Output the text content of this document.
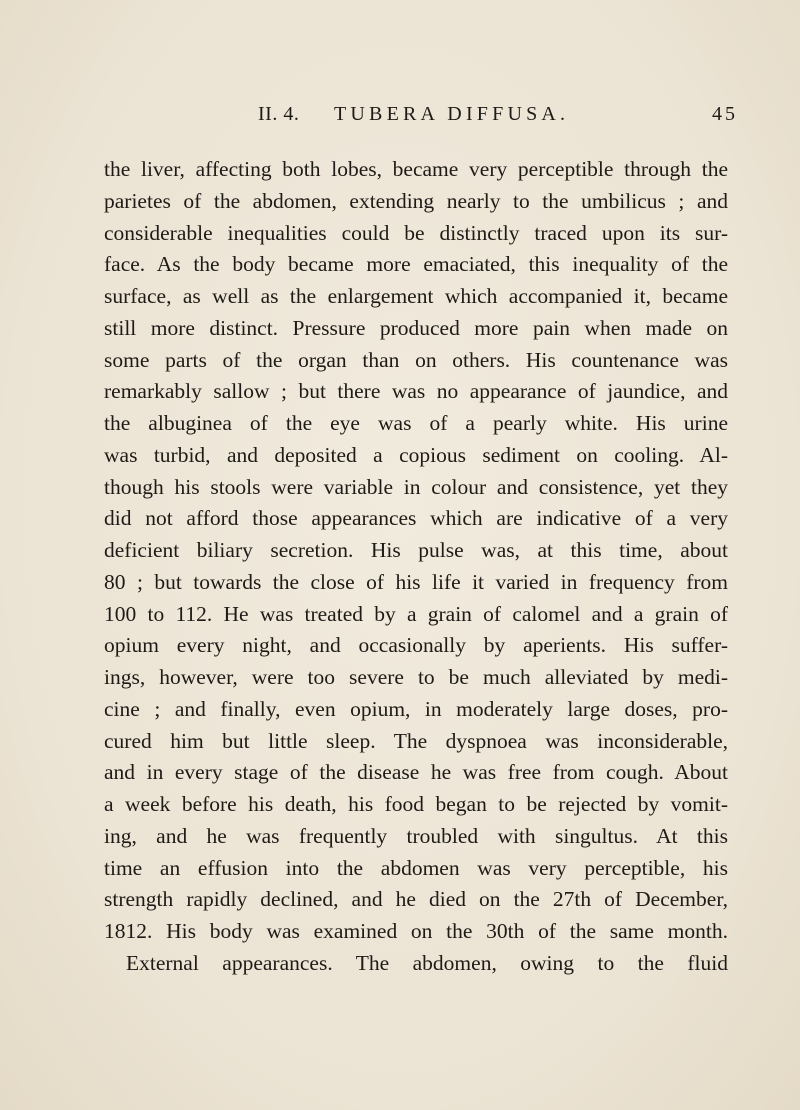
II. 4. TUBERA DIFFUSA.	45
the liver, affecting both lobes, became very perceptible through the
parietes of the abdomen, extending nearly to the umbilicus ; and
considerable inequalities could be distinctly traced upon its sur-
face. As the body became more emaciated, this inequality of the
surface, as well as the enlargement which accompanied it, became
still more distinct. Pressure produced more pain when made on
some parts of the organ than on others. His countenance was
remarkably sallow ; but there was no appearance of jaundice, and
the albuginea of the eye was of a pearly white. His urine
was turbid, and deposited a copious sediment on cooling. Al-
though his stools were variable in colour and consistence, yet they
did not afford those appearances which are indicative of a very
deficient biliary secretion. His pulse was, at this time, about
80 ; but towards the close of his life it varied in frequency from
100 to 112. He was treated by a grain of calomel and a grain of
opium every night, and occasionally by aperients. His suffer-
ings, however, were too severe to be much alleviated by medi-
cine ; and finally, even opium, in moderately large doses, pro-
cured him but little sleep. The dyspnoea was inconsiderable,
and in every stage of the disease he was free from cough. About
a week before his death, his food began to be rejected by vomit-
ing, and he was frequently troubled with singultus. At this
time an effusion into the abdomen was very perceptible, his
strength rapidly declined, and he died on the 27th of December,
1812. His body was examined on the 30th of the same month.
External appearances. The abdomen, owing to the fluid
